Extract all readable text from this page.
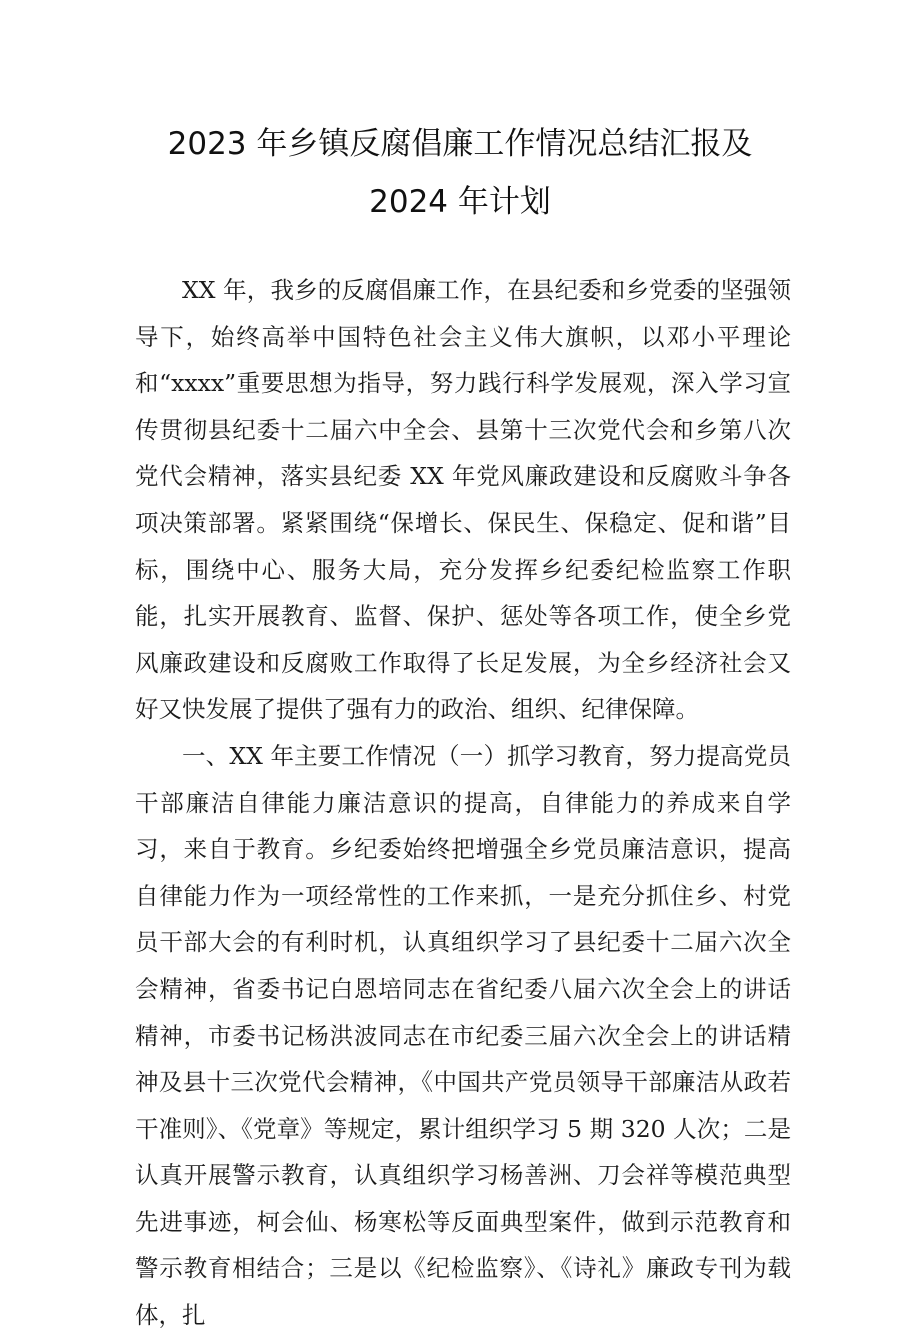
2023 年乡镇反腐倡廉工作情况总结汇报及
2024 年计划

XX 年，我乡的反腐倡廉工作，在县纪委和乡党委的坚强领导下，始终高举中国特色社会主义伟大旗帜，以邓小平理论和“xxxx”重要思想为指导，努力践行科学发展观，深入学习宣传贯彻县纪委十二届六中全会、县第十三次党代会和乡第八次党代会精神，落实县纪委 XX 年党风廉政建设和反腐败斗争各项决策部署。紧紧围绕“保增长、保民生、保稳定、促和谐”目标，围绕中心、服务大局，充分发挥乡纪委纪检监察工作职能，扎实开展教育、监督、保护、惩处等各项工作，使全乡党风廉政建设和反腐败工作取得了长足发展，为全乡经济社会又好又快发展了提供了强有力的政治、组织、纪律保障。

一、XX 年主要工作情况（一）抓学习教育，努力提高党员干部廉洁自律能力廉洁意识的提高，自律能力的养成来自学习，来自于教育。乡纪委始终把增强全乡党员廉洁意识，提高自律能力作为一项经常性的工作来抓，一是充分抓住乡、村党员干部大会的有利时机，认真组织学习了县纪委十二届六次全会精神，省委书记白恩培同志在省纪委八届六次全会上的讲话精神，市委书记杨洪波同志在市纪委三届六次全会上的讲话精神及县十三次党代会精神，《中国共产党员领导干部廉洁从政若干准则》、《党章》等规定，累计组织学习 5 期 320 人次；二是认真开展警示教育，认真组织学习杨善洲、刀会祥等模范典型先进事迹，柯会仙、杨寒松等反面典型案件，做到示范教育和警示教育相结合；三是以《纪检监察》、《诗礼》廉政专刊为载体，扎
